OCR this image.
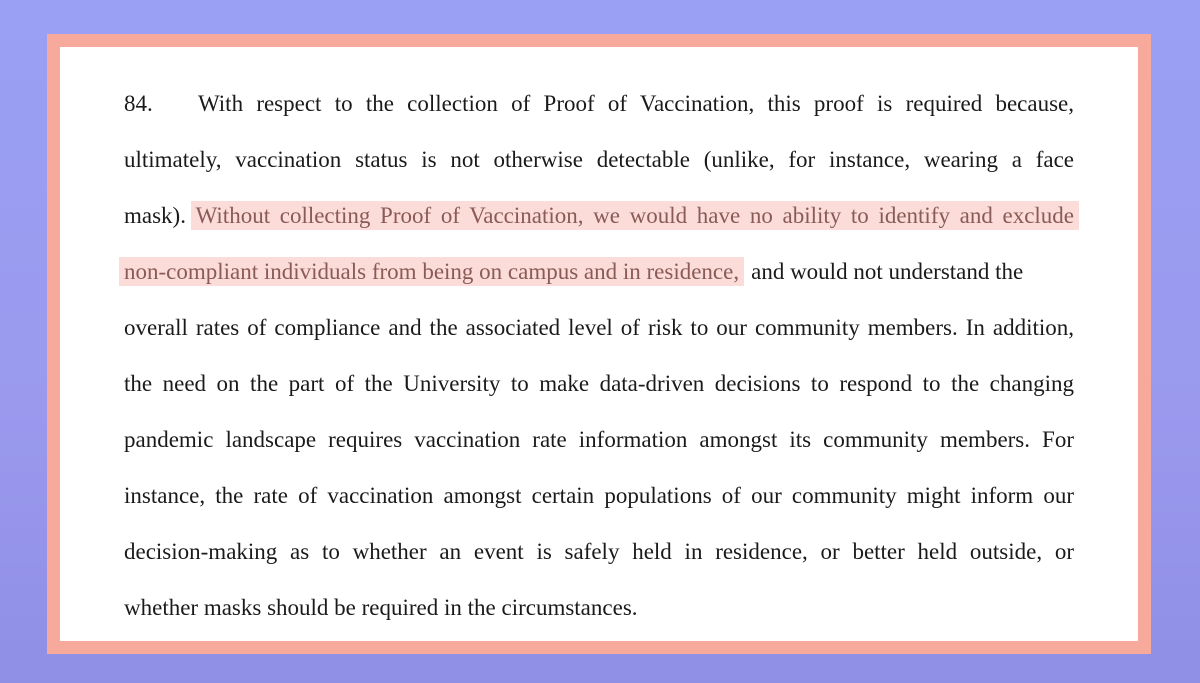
84. With respect to the collection of Proof of Vaccination, this proof is required because,
ultimately, vaccination status is not otherwise detectable (unlike, for instance, wearing a face
mask). Without collecting Proof of Vaccination, we would have no ability to identify and exclude
non-compliant individuals from being on campus and in residence, and would not understand the
overall rates of compliance and the associated level of risk to our community members. In addition,
the need on the part of the University to make data-driven decisions to respond to the changing
pandemic landscape requires vaccination rate information amongst its community members. For
instance, the rate of vaccination amongst certain populations of our community might inform our
decision-making as to whether an event is safely held in residence, or better held outside, or
whether masks should be required in the circumstances.
